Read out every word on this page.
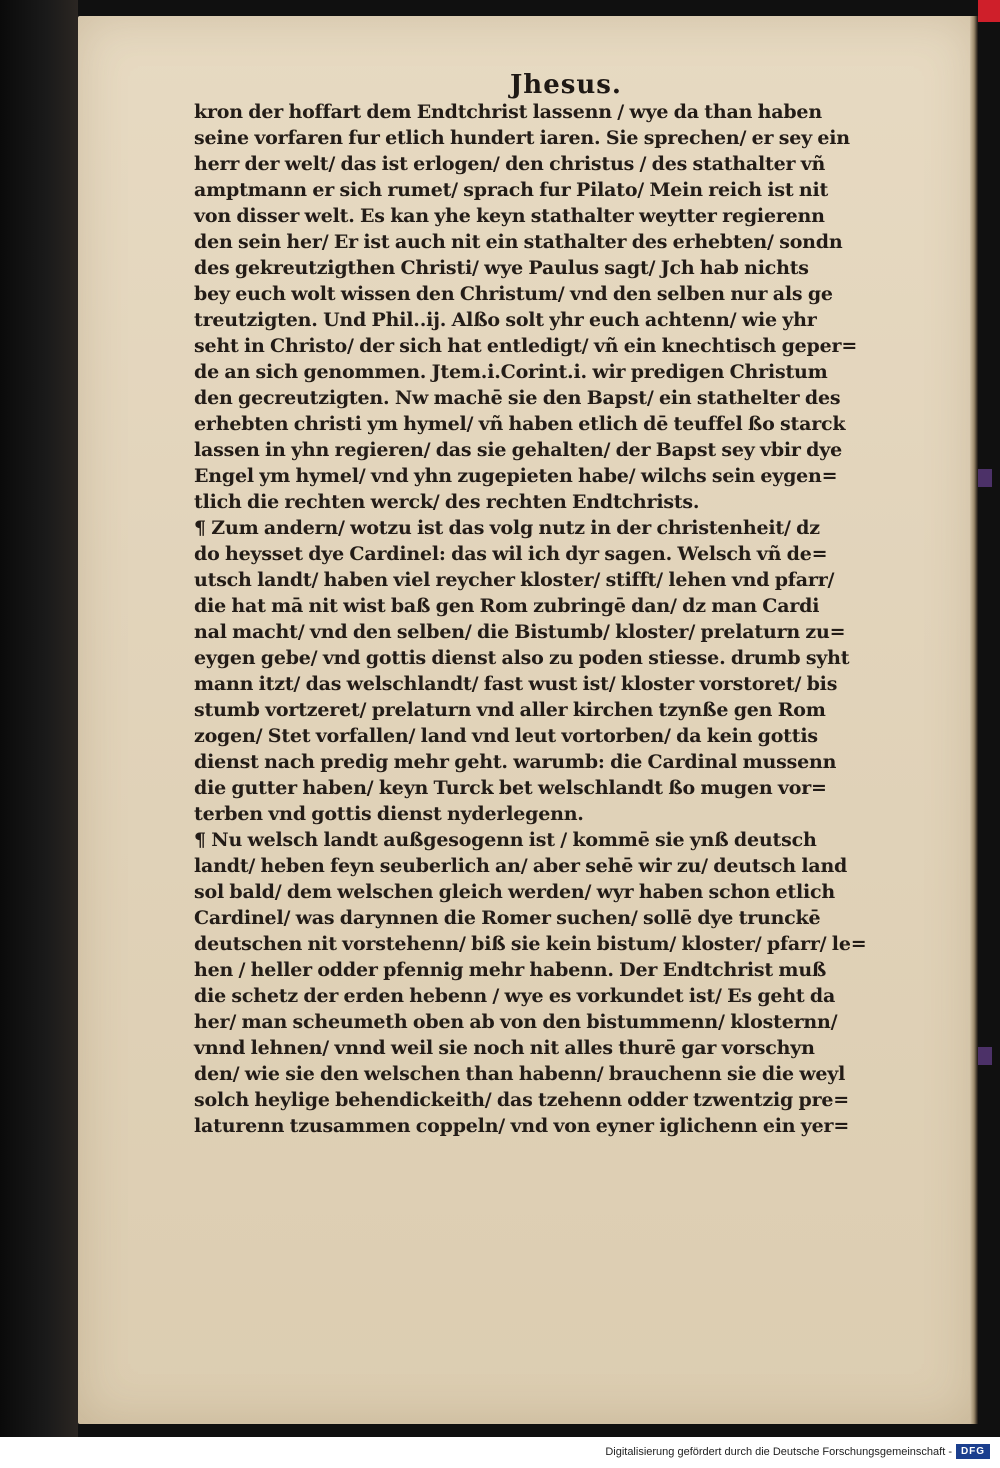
Jhesus.
kron der hoffart dem Endtchrist lassenn / wye da than haben
seine vorfaren fur etlich hundert iaren. Sie sprechen/ er sey ein
herr der welt/ das ist erlogen/ den christus / des stathalter vñ
amptmann er sich rumet/ sprach fur Pilato/ Mein reich ist nit
von disser welt. Es kan yhe keyn stathalter weytter regierenn
den sein her/ Er ist auch nit ein stathalter des erhebten/ sondn
des gekreutzigthen Christi/ wye Paulus sagt/ Jch hab nichts
bey euch wolt wissen den Christum/ vnd den selben nur als ge
treutzigten. Und Phil..ij. Alßo solt yhr euch achtenn/ wie yhr
seht in Christo/ der sich hat entledigt/ vñ ein knechtisch geper=
de an sich genommen. Jtem.i.Corint.i. wir predigen Christum
den gecreutzigten. Nw machē sie den Bapst/ ein stathelter des
erhebten christi ym hymel/ vñ haben etlich dē teuffel ßo starck
lassen in yhn regieren/ das sie gehalten/ der Bapst sey vbir dye
Engel ym hymel/ vnd yhn zugepieten habe/ wilchs sein eygen=
tlich die rechten werck/ des rechten Endtchrists.
¶ Zum andern/ wotzu ist das volg nutz in der christenheit/ dz
do heysset dye Cardinel: das wil ich dyr sagen. Welsch vñ de=
utsch landt/ haben viel reycher kloster/ stifft/ lehen vnd pfarr/
die hat mā nit wist baß gen Rom zubringē dan/ dz man Cardi
nal macht/ vnd den selben/ die Bistumb/ kloster/ prelaturn zu=
eygen gebe/ vnd gottis dienst also zu poden stiesse. drumb syht
mann itzt/ das welschlandt/ fast wust ist/ kloster vorstoret/ bis
stumb vortzeret/ prelaturn vnd aller kirchen tzynße gen Rom
zogen/ Stet vorfallen/ land vnd leut vortorben/ da kein gottis
dienst nach predig mehr geht. warumb: die Cardinal mussenn
die gutter haben/ keyn Turck bet welschlandt ßo mugen vor=
terben vnd gottis dienst nyderlegenn.
¶ Nu welsch landt außgesogenn ist / kommē sie ynß deutsch
landt/ heben feyn seuberlich an/ aber sehē wir zu/ deutsch land
sol bald/ dem welschen gleich werden/ wyr haben schon etlich
Cardinel/ was darynnen die Romer suchen/ sollē dye trunckē
deutschen nit vorstehenn/ biß sie kein bistum/ kloster/ pfarr/ le=
hen / heller odder pfennig mehr habenn. Der Endtchrist muß
die schetz der erden hebenn / wye es vorkundet ist/ Es geht da
her/ man scheumeth oben ab von den bistummenn/ klosternn/
vnnd lehnen/ vnnd weil sie noch nit alles thurē gar vorschyn
den/ wie sie den welschen than habenn/ brauchenn sie die weyl
solch heylige behendickeith/ das tzehenn odder tzwentzig pre=
laturenn tzusammen coppeln/ vnd von eyner iglichenn ein yer=
Digitalisierung gefördert durch die Deutsche Forschungsgemeinschaft - DFG
